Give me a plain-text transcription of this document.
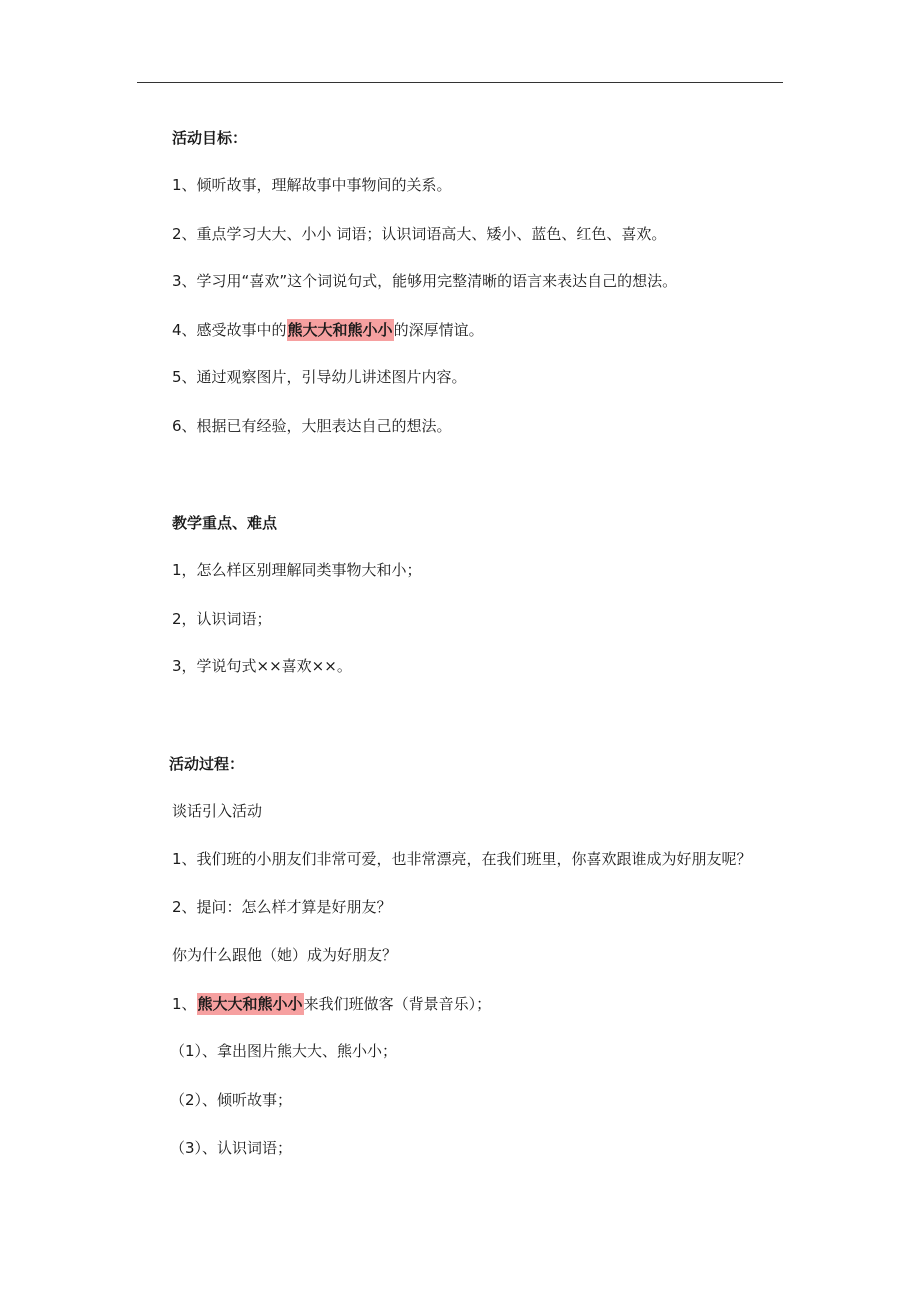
活动目标：
1、倾听故事，理解故事中事物间的关系。
2、重点学习大大、小小 词语；认识词语高大、矮小、蓝色、红色、喜欢。
3、学习用“喜欢”这个词说句式，能够用完整清晰的语言来表达自己的想法。
4、感受故事中的熊大大和熊小小的深厚情谊。
5、通过观察图片，引导幼儿讲述图片内容。
6、根据已有经验，大胆表达自己的想法。
教学重点、难点
1，怎么样区别理解同类事物大和小；
2，认识词语；
3，学说句式××喜欢××。
活动过程：
谈话引入活动
1、我们班的小朋友们非常可爱，也非常漂亮，在我们班里，你喜欢跟谁成为好朋友呢？
2、提问：怎么样才算是好朋友？
你为什么跟他（她）成为好朋友？
1、熊大大和熊小小来我们班做客（背景音乐）；
（1）、拿出图片熊大大、熊小小；
（2）、倾听故事；
（3）、认识词语；
